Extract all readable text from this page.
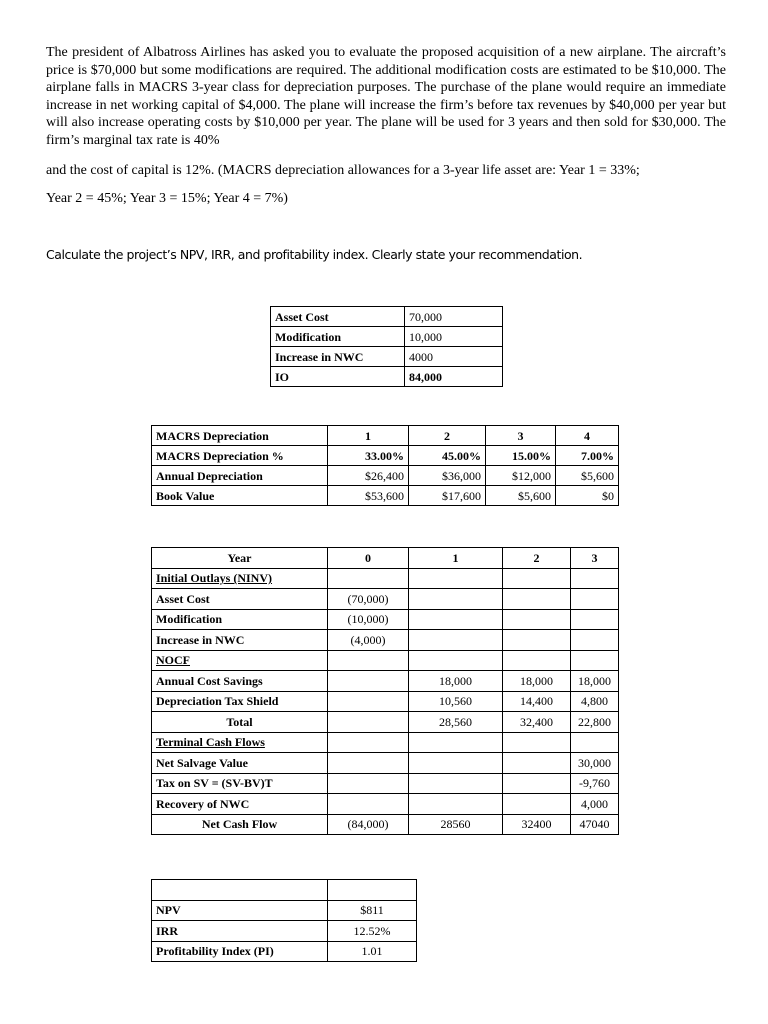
The president of Albatross Airlines has asked you to evaluate the proposed acquisition of a new airplane. The aircraft’s price is $70,000 but some modifications are required. The additional modification costs are estimated to be $10,000. The airplane falls in MACRS 3-year class for depreciation purposes. The purchase of the plane would require an immediate increase in net working capital of $4,000. The plane will increase the firm’s before tax revenues by $40,000 per year but will also increase operating costs by $10,000 per year. The plane will be used for 3 years and then sold for $30,000. The firm’s marginal tax rate is 40%
and the cost of capital is 12%. (MACRS depreciation allowances for a 3-year life asset are: Year 1 = 33%;
Year 2 = 45%; Year 3 = 15%; Year 4 = 7%)
Calculate the project’s NPV, IRR, and profitability index. Clearly state your recommendation.
Asset Cost	70,000
Modification	10,000
Increase in NWC	4000
IO	84,000
MACRS Depreciation	1	2	3	4
MACRS Depreciation %	33.00%	45.00%	15.00%	7.00%
Annual Depreciation	$26,400	$36,000	$12,000	$5,600
Book Value	$53,600	$17,600	$5,600	$0
Year	0	1	2	3
Initial Outlays (NINV)				
Asset Cost	(70,000)			
Modification	(10,000)			
Increase in NWC	(4,000)			
NOCF				
Annual Cost Savings		18,000	18,000	18,000
Depreciation Tax Shield		10,560	14,400	4,800
Total		28,560	32,400	22,800
Terminal Cash Flows				
Net Salvage Value				30,000
Tax on SV = (SV-BV)T				-9,760
Recovery of NWC				4,000
Net Cash Flow	(84,000)	28560	32400	47040

NPV	$811
IRR	12.52%
Profitability Index (PI)	1.01
